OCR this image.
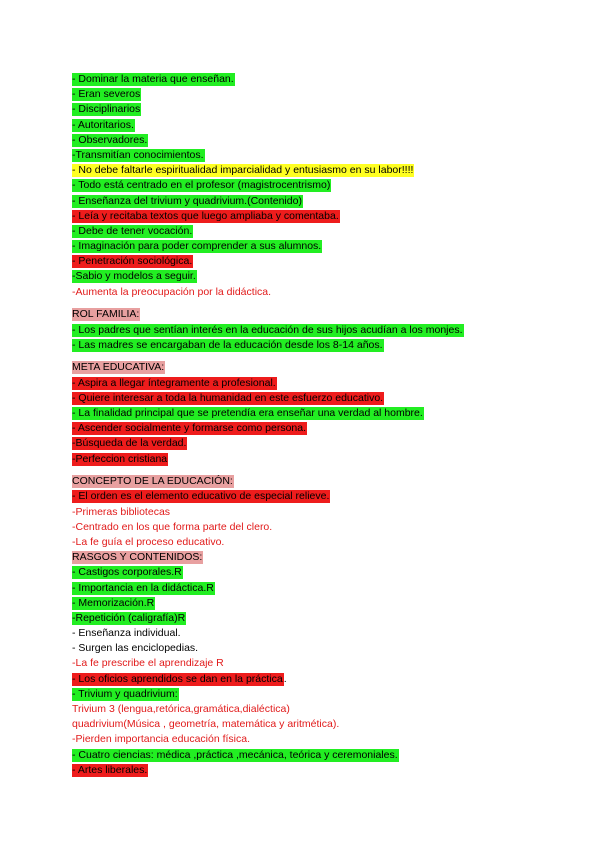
- Dominar la materia que enseñan.
- Eran severos
- Disciplinarios
- Autoritarios.
- Observadores.
-Transmitían conocimientos.
- No debe faltarle espiritualidad imparcialidad y entusiasmo en su labor!!!!
- Todo está centrado en el profesor (magistrocentrismo)
- Enseñanza del trivium y quadrivium.(Contenido)
- Leía y recitaba textos que luego ampliaba y comentaba.
- Debe de tener vocación.
- Imaginación para poder comprender a sus alumnos.
- Penetración sociológica.
-Sabio y modelos a seguir.
-Aumenta la preocupación por la didáctica.
ROL FAMILIA:
- Los padres que sentían interés en la educación de sus hijos acudían a los monjes.
- Las madres se encargaban de la educación desde los 8-14 años.
META EDUCATIVA:
- Aspira a llegar íntegramente a profesional.
- Quiere interesar a toda la humanidad en este esfuerzo educativo.
- La finalidad principal que se pretendía era enseñar una verdad al hombre.
- Ascender socialmente y formarse como persona.
-Búsqueda de la verdad.
-Perfeccion cristiana
CONCEPTO DE LA EDUCACIÓN:
- El orden es el elemento educativo de especial relieve.
-Primeras bibliotecas
-Centrado en los que forma parte del clero.
-La fe guía el proceso educativo.
RASGOS Y CONTENIDOS:
- Castigos corporales.R
- Importancia en la didáctica.R
- Memorización.R
-Repetición (caligrafía)R
- Enseñanza individual.
- Surgen las enciclopedias.
-La fe prescribe el aprendizaje R
- Los oficios aprendidos se dan en la práctica.
- Trivium y quadrivium:
Trivium 3 (lengua,retórica,gramática,dialéctica)
quadrivium(Música , geometría, matemática y aritmética).
-Pierden importancia educación física.
- Cuatro ciencias: médica ,práctica ,mecánica, teórica y ceremoniales.
- Artes liberales.
